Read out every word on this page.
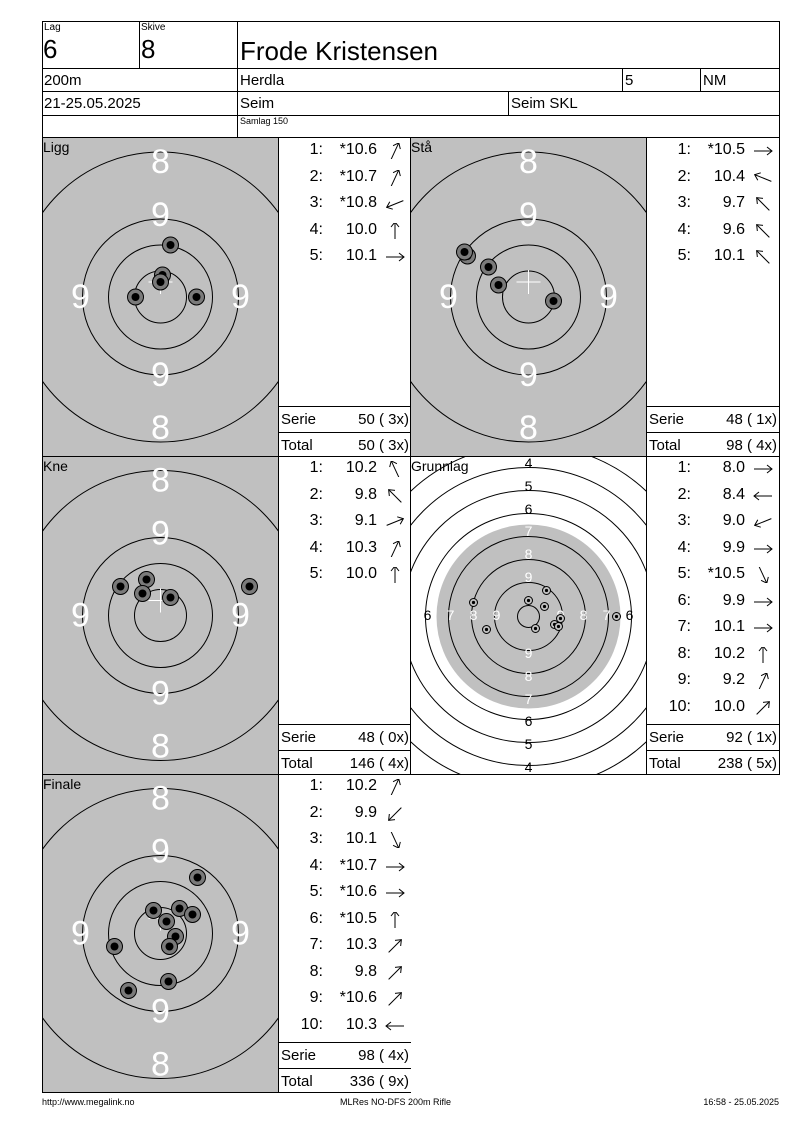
Lag
6
Skive
8	Frode Kristensen
200m	Herdla	5	NM
21-25.05.2025	Seim	Seim SKL
Samlag 150
8
8
9
9
9	9
Ligg	1: *10.6
2: *10.7
3: *10.8
4: 10.0
5: 10.1
Serie	50 ( 3x)
Total	50 ( 3x)
8
8
9
9
9	9
Stå	1: *10.5
2: 10.4
3: 9.7
4: 9.6
5: 10.1
Serie	48 ( 1x)
Total	98 ( 4x)
8
8
9
9
9	9
Kne	1: 10.2
2: 9.8
3: 9.1
4: 10.3
5: 10.0
Serie	48 ( 0x)
Total 146 ( 4x)
4
4
5
5
6
6
7
7
8
8
9
9
6	6
7	7
8	8
9
Grunnlag	1: 8.0
2: 8.4
3: 9.0
4: 9.9
5: *10.5
6: 9.9
7: 10.1
8: 10.2
9: 9.2
10: 10.0
Serie	92 ( 1x)
Total 238 ( 5x)
8
8
9
9
9	9
Finale	1: 10.2
2: 9.9
3: 10.1
4: *10.7
5: *10.6
6: *10.5
7: 10.3
8: 9.8
9: *10.6
10: 10.3
Serie	98 ( 4x)
Total 336 ( 9x)
http://www.megalink.no	MLRes NO-DFS 200m Rifle	16:58 - 25.05.2025
